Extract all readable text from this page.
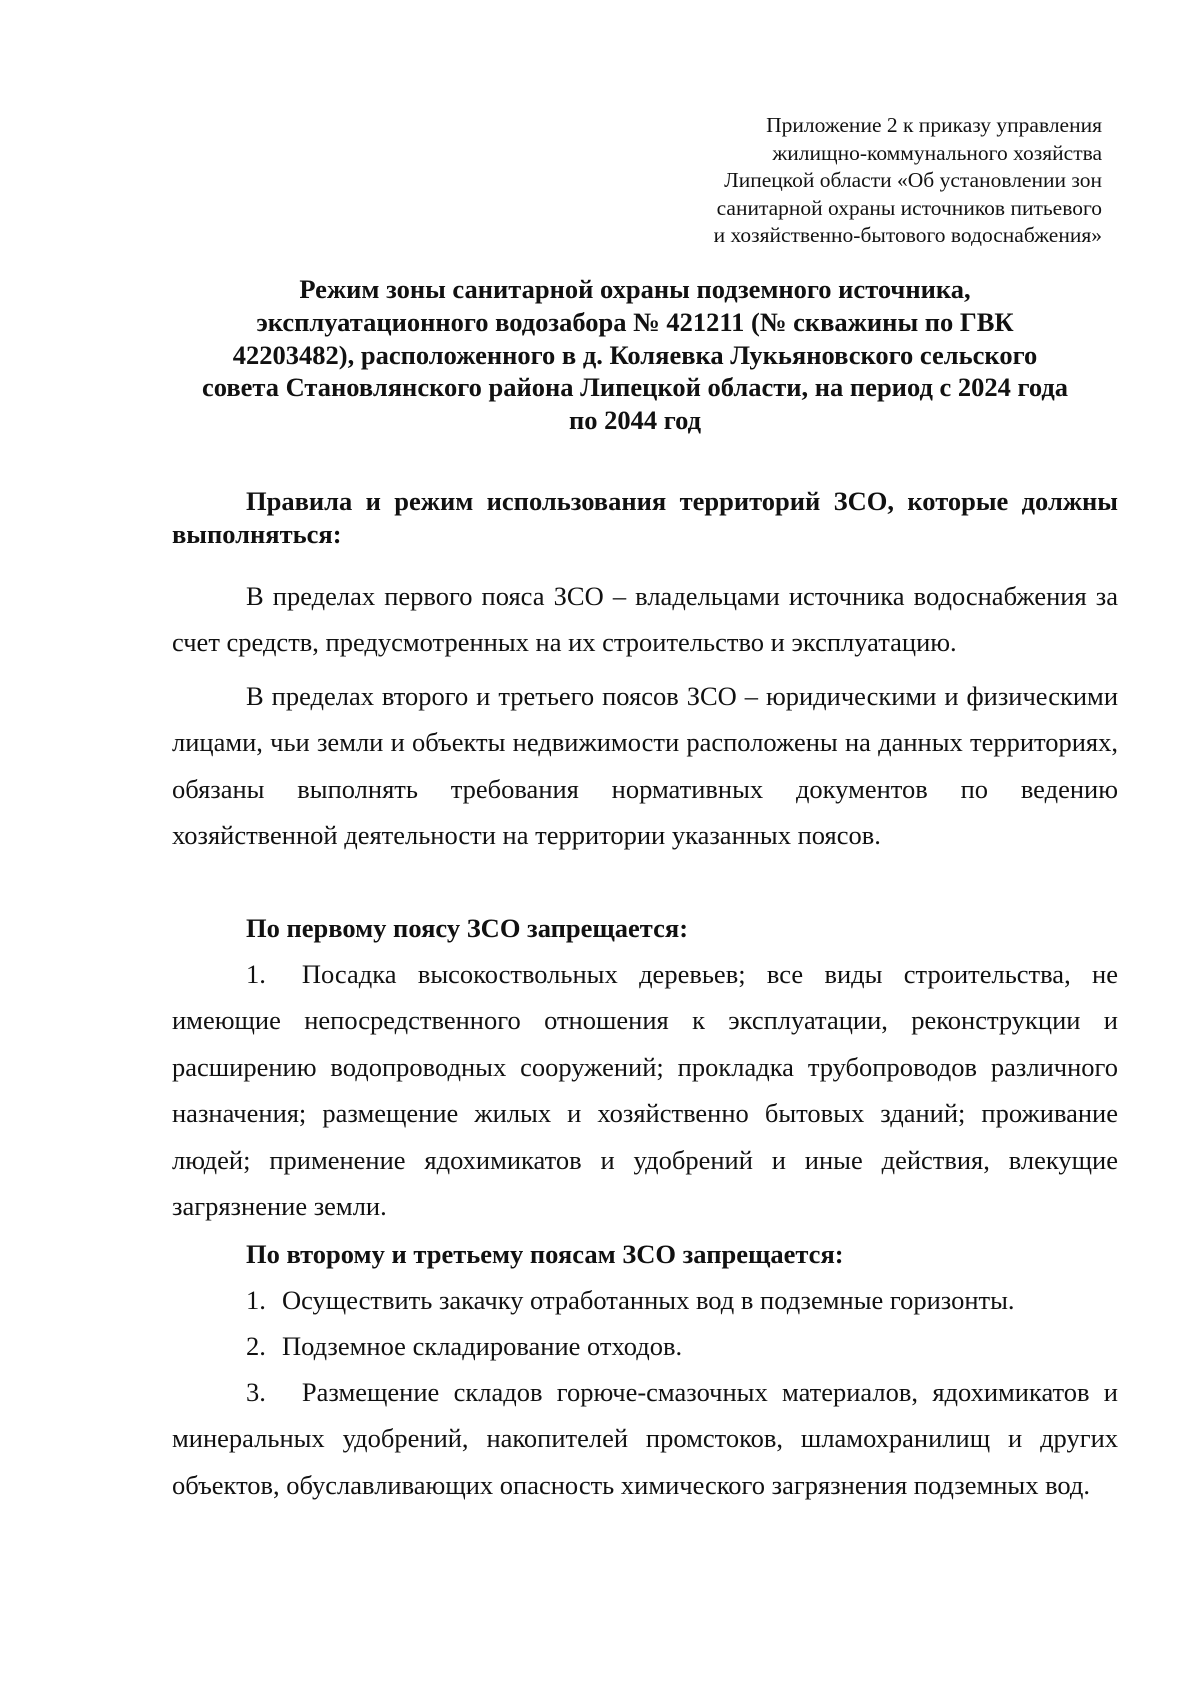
Приложение 2 к приказу управления
жилищно-коммунального хозяйства
Липецкой области «Об установлении зон
санитарной охраны источников питьевого
и хозяйственно-бытового водоснабжения»
Режим зоны санитарной охраны подземного источника,
эксплуатационного водозабора № 421211 (№ скважины по ГВК
42203482), расположенного в д. Коляевка Лукьяновского сельского
совета Становлянского района Липецкой области, на период с 2024 года
по 2044 год
Правила и режим использования территорий ЗСО, которые должны выполняться:
В пределах первого пояса ЗСО – владельцами источника водоснабжения за счет средств, предусмотренных на их строительство и эксплуатацию.
В пределах второго и третьего поясов ЗСО – юридическими и физическими лицами, чьи земли и объекты недвижимости расположены на данных территориях, обязаны выполнять требования нормативных документов по ведению хозяйственной деятельности на территории указанных поясов.
По первому поясу ЗСО запрещается:
1. Посадка высокоствольных деревьев; все виды строительства, не имеющие непосредственного отношения к эксплуатации, реконструкции и расширению водопроводных сооружений; прокладка трубопроводов различного назначения; размещение жилых и хозяйственно бытовых зданий; проживание людей; применение ядохимикатов и удобрений и иные действия, влекущие загрязнение земли.
По второму и третьему поясам ЗСО запрещается:
1. Осуществить закачку отработанных вод в подземные горизонты.
2. Подземное складирование отходов.
3. Размещение складов горюче-смазочных материалов, ядохимикатов и минеральных удобрений, накопителей промстоков, шламохранилищ и других объектов, обуславливающих опасность химического загрязнения подземных вод.
